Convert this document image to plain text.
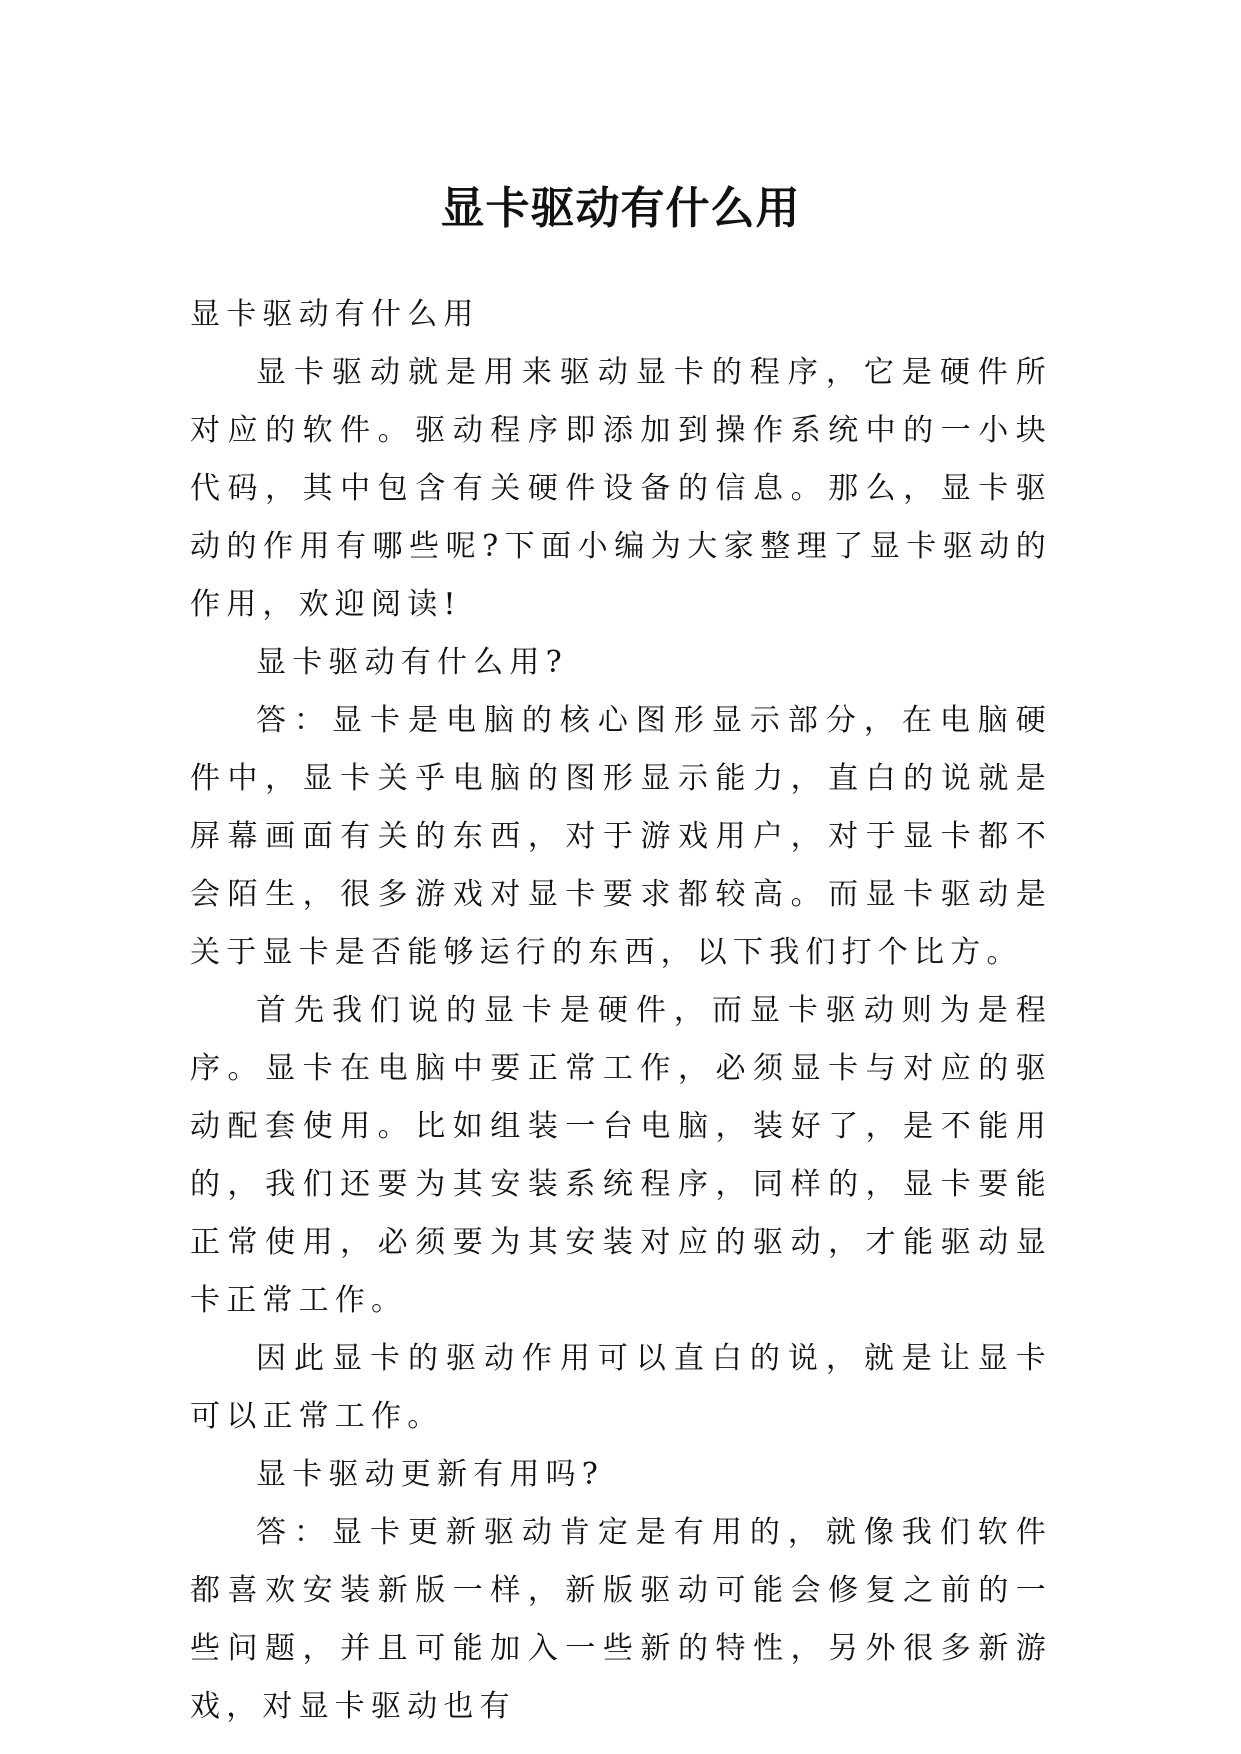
显卡驱动有什么用

显卡驱动有什么用

显卡驱动就是用来驱动显卡的程序，它是硬件所对应的软件。驱动程序即添加到操作系统中的一小块代码，其中包含有关硬件设备的信息。那么，显卡驱动的作用有哪些呢?下面小编为大家整理了显卡驱动的作用，欢迎阅读!

显卡驱动有什么用?

答：显卡是电脑的核心图形显示部分，在电脑硬件中，显卡关乎电脑的图形显示能力，直白的说就是屏幕画面有关的东西，对于游戏用户，对于显卡都不会陌生，很多游戏对显卡要求都较高。而显卡驱动是关于显卡是否能够运行的东西，以下我们打个比方。

首先我们说的显卡是硬件，而显卡驱动则为是程序。显卡在电脑中要正常工作，必须显卡与对应的驱动配套使用。比如组装一台电脑，装好了，是不能用的，我们还要为其安装系统程序，同样的，显卡要能正常使用，必须要为其安装对应的驱动，才能驱动显卡正常工作。

因此显卡的驱动作用可以直白的说，就是让显卡可以正常工作。

显卡驱动更新有用吗?

答：显卡更新驱动肯定是有用的，就像我们软件都喜欢安装新版一样，新版驱动可能会修复之前的一些问题，并且可能加入一些新的特性，另外很多新游戏，对显卡驱动也有
